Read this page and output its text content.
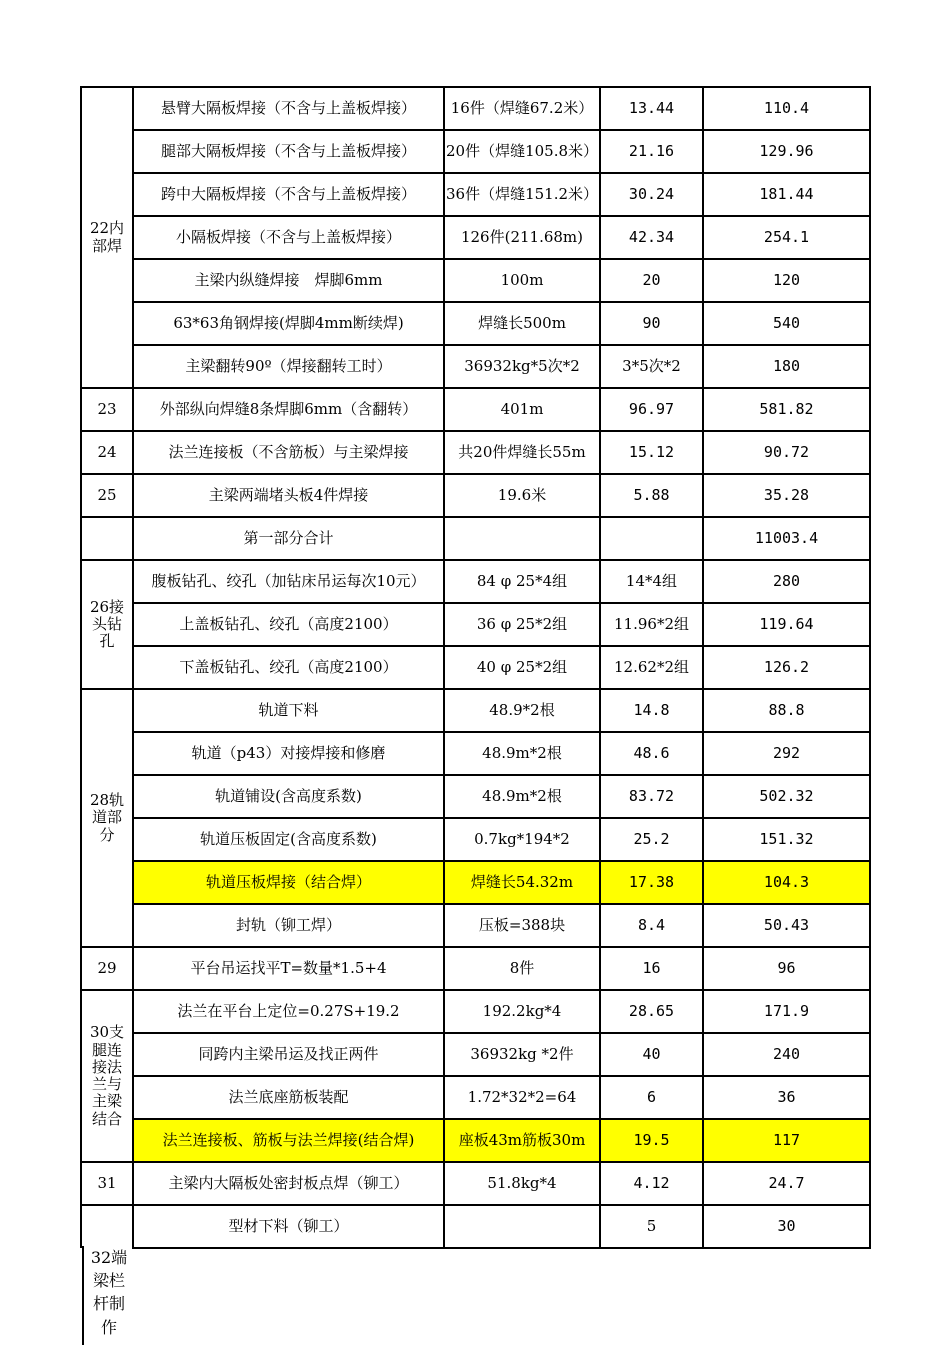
22内部焊	悬臂大隔板焊接（不含与上盖板焊接）	16件（焊缝67.2米）	13.44	110.4
	腿部大隔板焊接（不含与上盖板焊接）	20件（焊缝105.8米）	21.16	129.96
	跨中大隔板焊接（不含与上盖板焊接）	36件（焊缝151.2米）	30.24	181.44
	小隔板焊接（不含与上盖板焊接）	126件(211.68m)	42.34	254.1
	主梁内纵缝焊接　焊脚6mm	100m	20	120
	63*63角钢焊接(焊脚4mm断续焊)	焊缝长500m	90	540
	主梁翻转90º（焊接翻转工时）	36932kg*5次*2	3*5次*2	180
23	外部纵向焊缝8条焊脚6mm（含翻转）	401m	96.97	581.82
24	法兰连接板（不含筋板）与主梁焊接	共20件焊缝长55m	15.12	90.72
25	主梁两端堵头板4件焊接	19.6米	5.88	35.28
	第一部分合计			11003.4
26接头钻孔	腹板钻孔、绞孔（加钻床吊运每次10元）	84 φ 25*4组	14*4组	280
	上盖板钻孔、绞孔（高度2100）	36 φ 25*2组	11.96*2组	119.64
	下盖板钻孔、绞孔（高度2100）	40 φ 25*2组	12.62*2组	126.2
28轨道部分	轨道下料	48.9*2根	14.8	88.8
	轨道（p43）对接焊接和修磨	48.9m*2根	48.6	292
	轨道铺设(含高度系数)	48.9m*2根	83.72	502.32
	轨道压板固定(含高度系数)	0.7kg*194*2	25.2	151.32
	轨道压板焊接（结合焊）	焊缝长54.32m	17.38	104.3
	封轨（铆工焊）	压板=388块	8.4	50.43
29	平台吊运找平T=数量*1.5+4	8件	16	96
30支腿连接法兰与主梁结合	法兰在平台上定位=0.27S+19.2	192.2kg*4	28.65	171.9
	同跨内主梁吊运及找正两件	36932kg *2件	40	240
	法兰底座筋板装配	1.72*32*2=64	6	36
	法兰连接板、筋板与法兰焊接(结合焊)	座板43m筋板30m	19.5	117
31	主梁内大隔板处密封板点焊（铆工）	51.8kg*4	4.12	24.7
	型材下料（铆工）		5	30
32端梁栏杆制作
